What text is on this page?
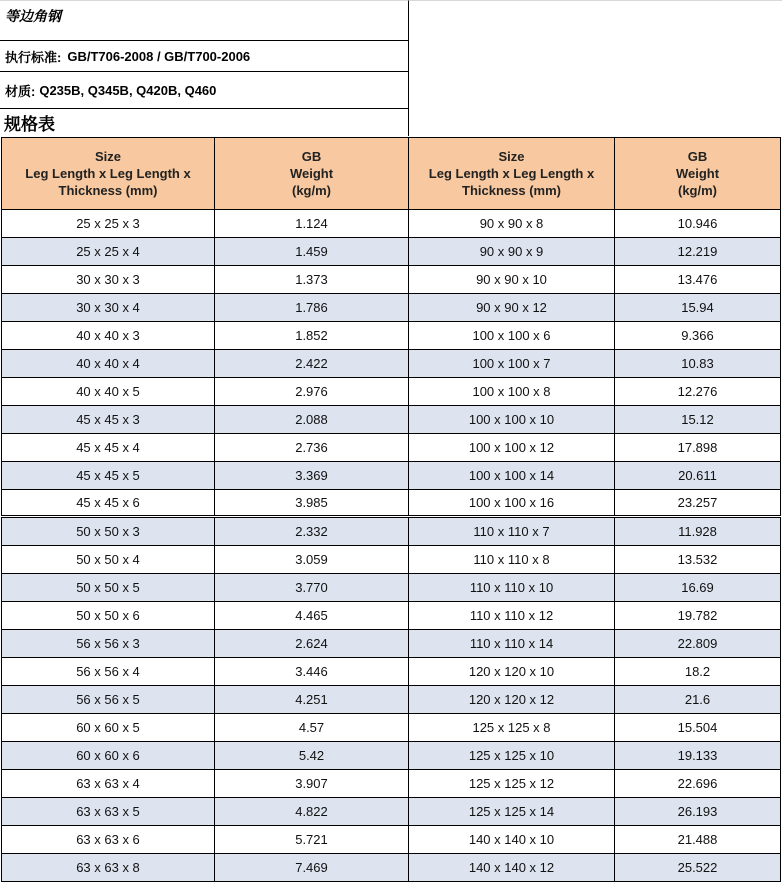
等边角钢
执行标准: GB/T706-2008 / GB/T700-2006
材质: Q235B, Q345B, Q420B, Q460
规格表
Size
Leg Length x Leg Length x
Thickness (mm)	GB
Weight
(kg/m)	Size
Leg Length x Leg Length x
Thickness (mm)	GB
Weight
(kg/m)

25 x 25 x 3	1.124	90 x 90 x 8	10.946
25 x 25 x 4	1.459	90 x 90 x 9	12.219
30 x 30 x 3	1.373	90 x 90 x 10	13.476
30 x 30 x 4	1.786	90 x 90 x 12	15.94
40 x 40 x 3	1.852	100 x 100 x 6	9.366
40 x 40 x 4	2.422	100 x 100 x 7	10.83
40 x 40 x 5	2.976	100 x 100 x 8	12.276
45 x 45 x 3	2.088	100 x 100 x 10	15.12
45 x 45 x 4	2.736	100 x 100 x 12	17.898
45 x 45 x 5	3.369	100 x 100 x 14	20.611
45 x 45 x 6	3.985	100 x 100 x 16	23.257
50 x 50 x 3	2.332	110 x 110 x 7	11.928
50 x 50 x 4	3.059	110 x 110 x 8	13.532
50 x 50 x 5	3.770	110 x 110 x 10	16.69
50 x 50 x 6	4.465	110 x 110 x 12	19.782
56 x 56 x 3	2.624	110 x 110 x 14	22.809
56 x 56 x 4	3.446	120 x 120 x 10	18.2
56 x 56 x 5	4.251	120 x 120 x 12	21.6
60 x 60 x 5	4.57	125 x 125 x 8	15.504
60 x 60 x 6	5.42	125 x 125 x 10	19.133
63 x 63 x 4	3.907	125 x 125 x 12	22.696
63 x 63 x 5	4.822	125 x 125 x 14	26.193
63 x 63 x 6	5.721	140 x 140 x 10	21.488
63 x 63 x 8	7.469	140 x 140 x 12	25.522
